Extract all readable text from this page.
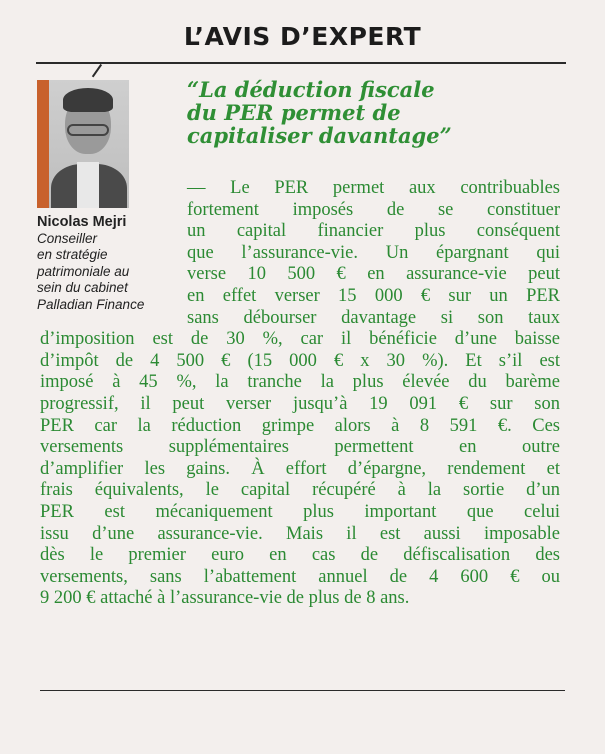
L’AVIS D’EXPERT
Nicolas Mejri
Conseiller
en stratégie
patrimoniale au
sein du cabinet
Palladian Finance
“La déduction fiscale
du PER permet de
capitaliser davantage”
— Le PER permet aux contribuables
fortement imposés de se constituer
un capital financier plus conséquent
que l’assurance-vie. Un épargnant qui
verse 10 500 € en assurance-vie peut
en effet verser 15 000 € sur un PER
sans débourser davantage si son taux
d’imposition est de 30 %, car il bénéficie d’une baisse
d’impôt de 4 500 € (15 000 € x 30 %). Et s’il est
imposé à 45 %, la tranche la plus élevée du barème
progressif, il peut verser jusqu’à 19 091 € sur son
PER car la réduction grimpe alors à 8 591 €. Ces
versements supplémentaires permettent en outre
d’amplifier les gains. À effort d’épargne, rendement et
frais équivalents, le capital récupéré à la sortie d’un
PER est mécaniquement plus important que celui
issu d’une assurance-vie. Mais il est aussi imposable
dès le premier euro en cas de défiscalisation des
versements, sans l’abattement annuel de 4 600 € ou
9 200 € attaché à l’assurance-vie de plus de 8 ans.
